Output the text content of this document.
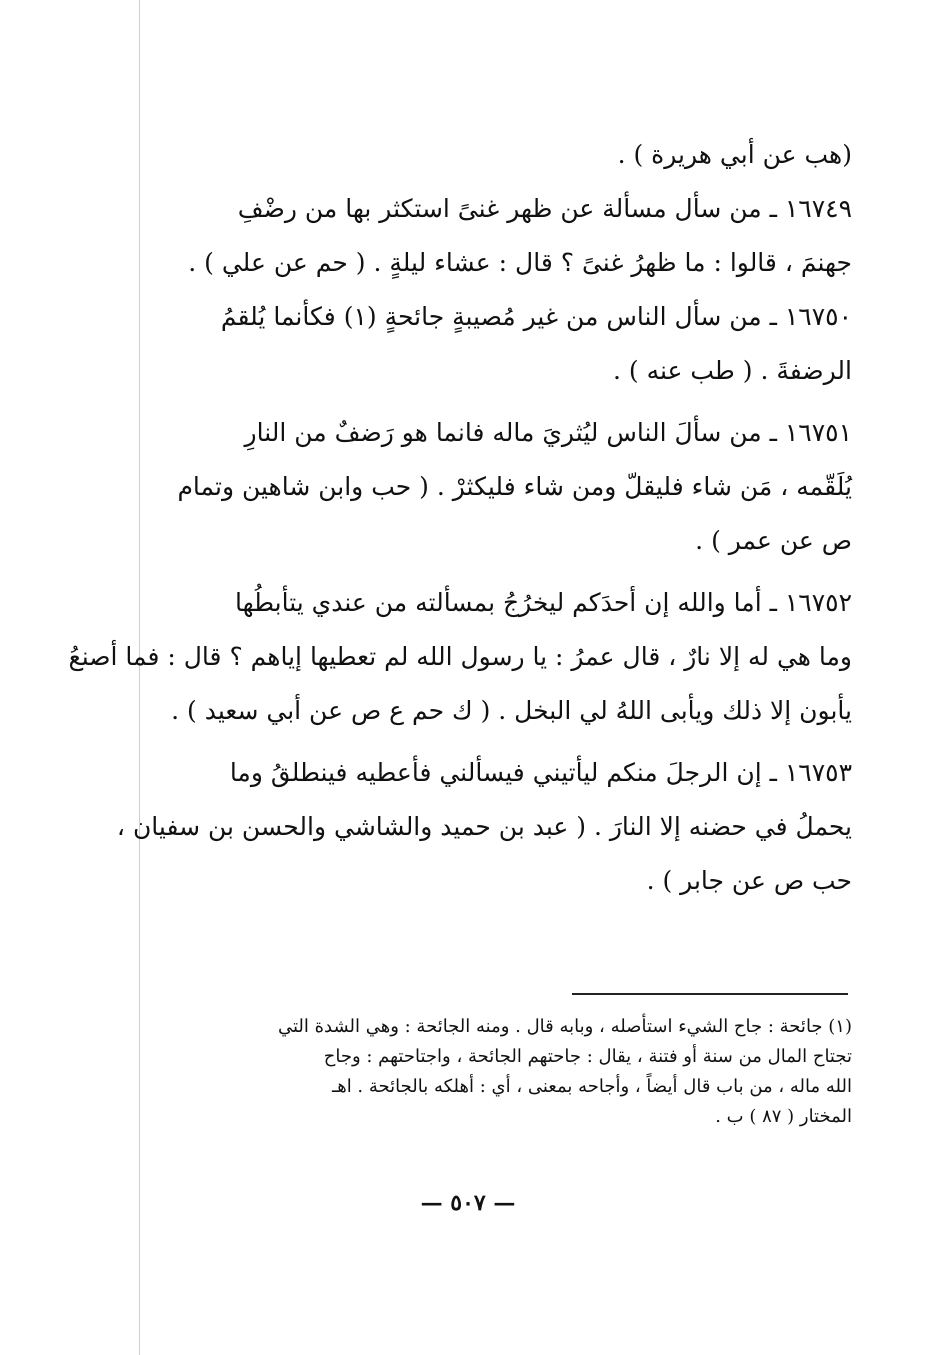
(هب عن أبي هريرة ) .
١٦٧٤٩ ـ من سأل مسألة عن ظهر غنىً استكثر بها من رضْفِ
جهنمَ ، قالوا : ما ظهرُ غنىً ؟ قال : عشاء ليلةٍ . ( حم عن علي ) .
١٦٧٥٠ ـ من سأل الناس من غير مُصيبةٍ جائحةٍ (١) فكأنما يُلقمُ
الرضفةَ . ( طب عنه ) .
١٦٧٥١ ـ من سألَ الناس ليُثريَ ماله فانما هو رَضفٌ من النارِ
يُلَقّمه ، مَن شاء فليقلّ ومن شاء فليكثرْ . ( حب وابن شاهين وتمام
ص عن عمر ) .
١٦٧٥٢ ـ أما والله إن أحدَكم ليخرُجُ بمسألته من عندي يتأبطُها
وما هي له إلا نارٌ ، قال عمرُ : يا رسول الله لم تعطيها إياهم ؟ قال : فما أصنعُ
يأبون إلا ذلك ويأبى اللهُ لي البخل . ( ك حم ع ص عن أبي سعيد ) .
١٦٧٥٣ ـ إن الرجلَ منكم ليأتيني فيسألني فأعطيه فينطلقُ وما
يحملُ في حضنه إلا النارَ . ( عبد بن حميد والشاشي والحسن بن سفيان ،
حب ص عن جابر ) .
(١) جائحة : جاح الشيء استأصله ، وبابه قال . ومنه الجائحة : وهي الشدة التي
تجتاح المال من سنة أو فتنة ، يقال : جاحتهم الجائحة ، واجتاحتهم : وجاح
الله ماله ، من باب قال أيضاً ، وأجاحه بمعنى ، أي : أهلكه بالجائحة . اهـ
المختار ( ٨٧ ) ب .
— ٥٠٧ —
